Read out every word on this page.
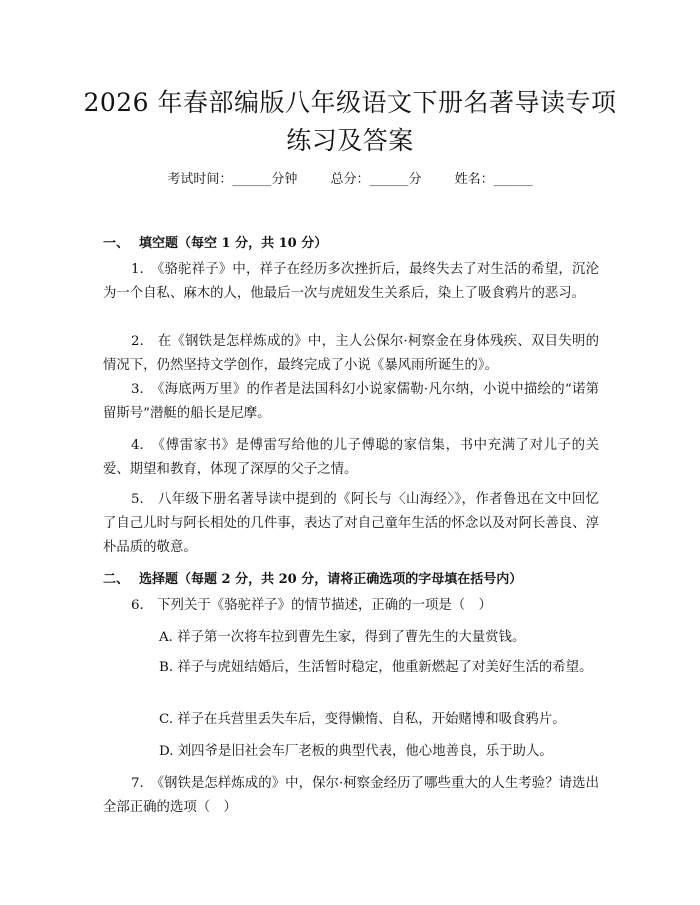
2026 年春部编版八年级语文下册名著导读专项练习及答案
考试时间：______分钟	总分：______分	姓名：______
一、 填空题（每空 1 分，共 10 分）
1.　《骆驼祥子》中，祥子在经历多次挫折后，最终失去了对生活的希望，沉沦为一个自私、麻木的人，他最后一次与虎妞发生关系后，染上了吸食鸦片的恶习。
2.　在《钢铁是怎样炼成的》中，主人公保尔·柯察金在身体残疾、双目失明的情况下，仍然坚持文学创作，最终完成了小说《暴风雨所诞生的》。
3.　《海底两万里》的作者是法国科幻小说家儒勒·凡尔纳，小说中描绘的“诺第留斯号”潜艇的船长是尼摩。
4.　《傅雷家书》是傅雷写给他的儿子傅聪的家信集，书中充满了对儿子的关爱、期望和教育，体现了深厚的父子之情。
5.　八年级下册名著导读中提到的《阿长与〈山海经〉》，作者鲁迅在文中回忆了自己儿时与阿长相处的几件事，表达了对自己童年生活的怀念以及对阿长善良、淳朴品质的敬意。
二、 选择题（每题 2 分，共 20 分，请将正确选项的字母填在括号内）
6.　下列关于《骆驼祥子》的情节描述，正确的一项是（　）
A. 祥子第一次将车拉到曹先生家，得到了曹先生的大量赏钱。
B. 祥子与虎妞结婚后，生活暂时稳定，他重新燃起了对美好生活的希望。
C. 祥子在兵营里丢失车后，变得懒惰、自私，开始赌博和吸食鸦片。
D. 刘四爷是旧社会车厂老板的典型代表，他心地善良，乐于助人。
7.　《钢铁是怎样炼成的》中，保尔·柯察金经历了哪些重大的人生考验？请选出全部正确的选项（　）
